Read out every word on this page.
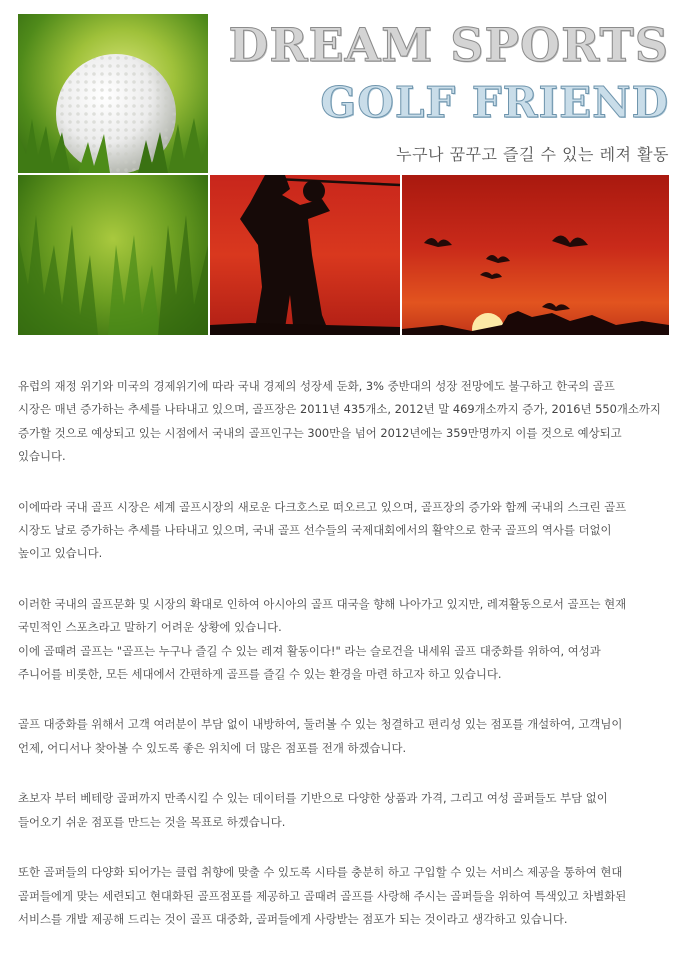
DREAM SPORTS
GOLF FRIEND
누구나 꿈꾸고 즐길 수 있는 레져 활동

유럽의 재정 위기와 미국의 경제위기에 따라 국내 경제의 성장세 둔화, 3% 중반대의 성장 전망에도 불구하고 한국의 골프
시장은 매년 증가하는 추세를 나타내고 있으며, 골프장은 2011년 435개소, 2012년 말 469개소까지 증가, 2016년 550개소까지
증가할 것으로 예상되고 있는 시점에서 국내의 골프인구는 300만을 넘어 2012년에는 359만명까지 이를 것으로 예상되고
있습니다.

이에따라 국내 골프 시장은 세계 골프시장의 새로운 다크호스로 떠오르고 있으며, 골프장의 증가와 함께 국내의 스크린 골프
시장도 날로 증가하는 추세를 나타내고 있으며, 국내 골프 선수들의 국제대회에서의 활약으로 한국 골프의 역사를 더없이
높이고 있습니다.

이러한 국내의 골프문화 및 시장의 확대로 인하여 아시아의 골프 대국을 향해 나아가고 있지만, 레져활동으로서 골프는 현재
국민적인 스포츠라고 말하기 어려운 상황에 있습니다.
이에 골때려 골프는 "골프는 누구나 즐길 수 있는 레져 활동이다!" 라는 슬로건을 내세워 골프 대중화를 위하여, 여성과
주니어를 비롯한, 모든 세대에서 간편하게 골프를 즐길 수 있는 환경을 마련 하고자 하고 있습니다.

골프 대중화를 위해서 고객 여러분이 부담 없이 내방하여, 둘러볼 수 있는 청결하고 편리성 있는 점포를 개설하여, 고객님이
언제, 어디서나 찾아볼 수 있도록 좋은 위치에 더 많은 점포를 전개 하겠습니다.

초보자 부터 베테랑 골퍼까지 만족시킬 수 있는 데이터를 기반으로 다양한 상품과 가격, 그리고 여성 골퍼들도 부담 없이
들어오기 쉬운 점포를 만드는 것을 목표로 하겠습니다.

또한 골퍼들의 다양화 되어가는 클럽 취향에 맞출 수 있도록 시타를 충분히 하고 구입할 수 있는 서비스 제공을 통하여 현대
골퍼들에게 맞는 세련되고 현대화된 골프점포를 제공하고 골때려 골프를 사랑해 주시는 골퍼들을 위하여 특색있고 차별화된
서비스를 개발 제공해 드리는 것이 골프 대중화, 골퍼들에게 사랑받는 점포가 되는 것이라고 생각하고 있습니다.
